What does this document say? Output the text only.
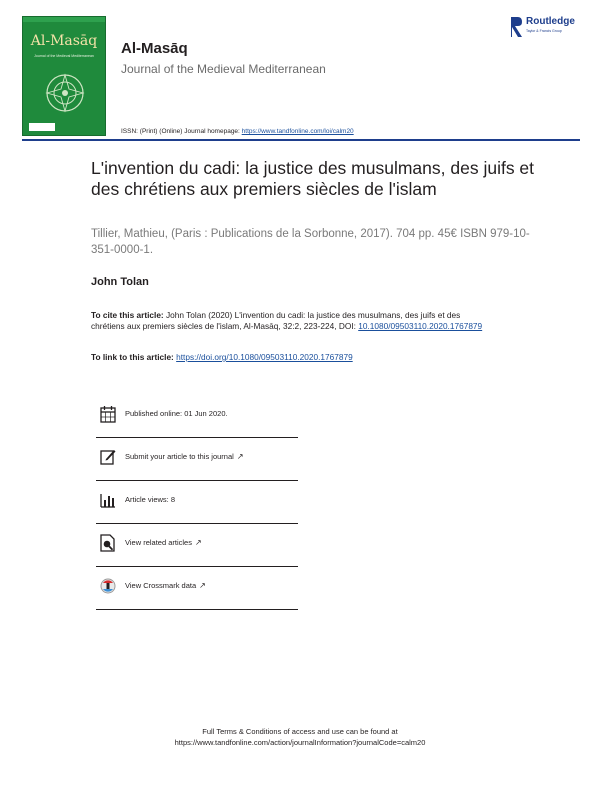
Al-Masāq
Journal of the Medieval Mediterranean	Al-Masāq
Journal of the Medieval Mediterranean
ISSN: (Print) (Online) Journal homepage: https://www.tandfonline.com/loi/calm20
Routledge
Taylor & Francis Group
L'invention du cadi: la justice des musulmans, des juifs et des chrétiens aux premiers siècles de l'islam
Tillier, Mathieu, (Paris : Publications de la Sorbonne, 2017). 704 pp. 45€ ISBN 979-10-351-0000-1.
John Tolan
To cite this article: John Tolan (2020) L'invention du cadi: la justice des musulmans, des juifs et des chrétiens aux premiers siècles de l'islam, Al-Masāq, 32:2, 223-224, DOI: 10.1080/09503110.2020.1767879
To link to this article: https://doi.org/10.1080/09503110.2020.1767879
Published online: 01 Jun 2020.
Submit your article to this journal ↗
Article views: 8
View related articles ↗
View Crossmark data ↗
Full Terms & Conditions of access and use can be found at
https://www.tandfonline.com/action/journalInformation?journalCode=calm20
